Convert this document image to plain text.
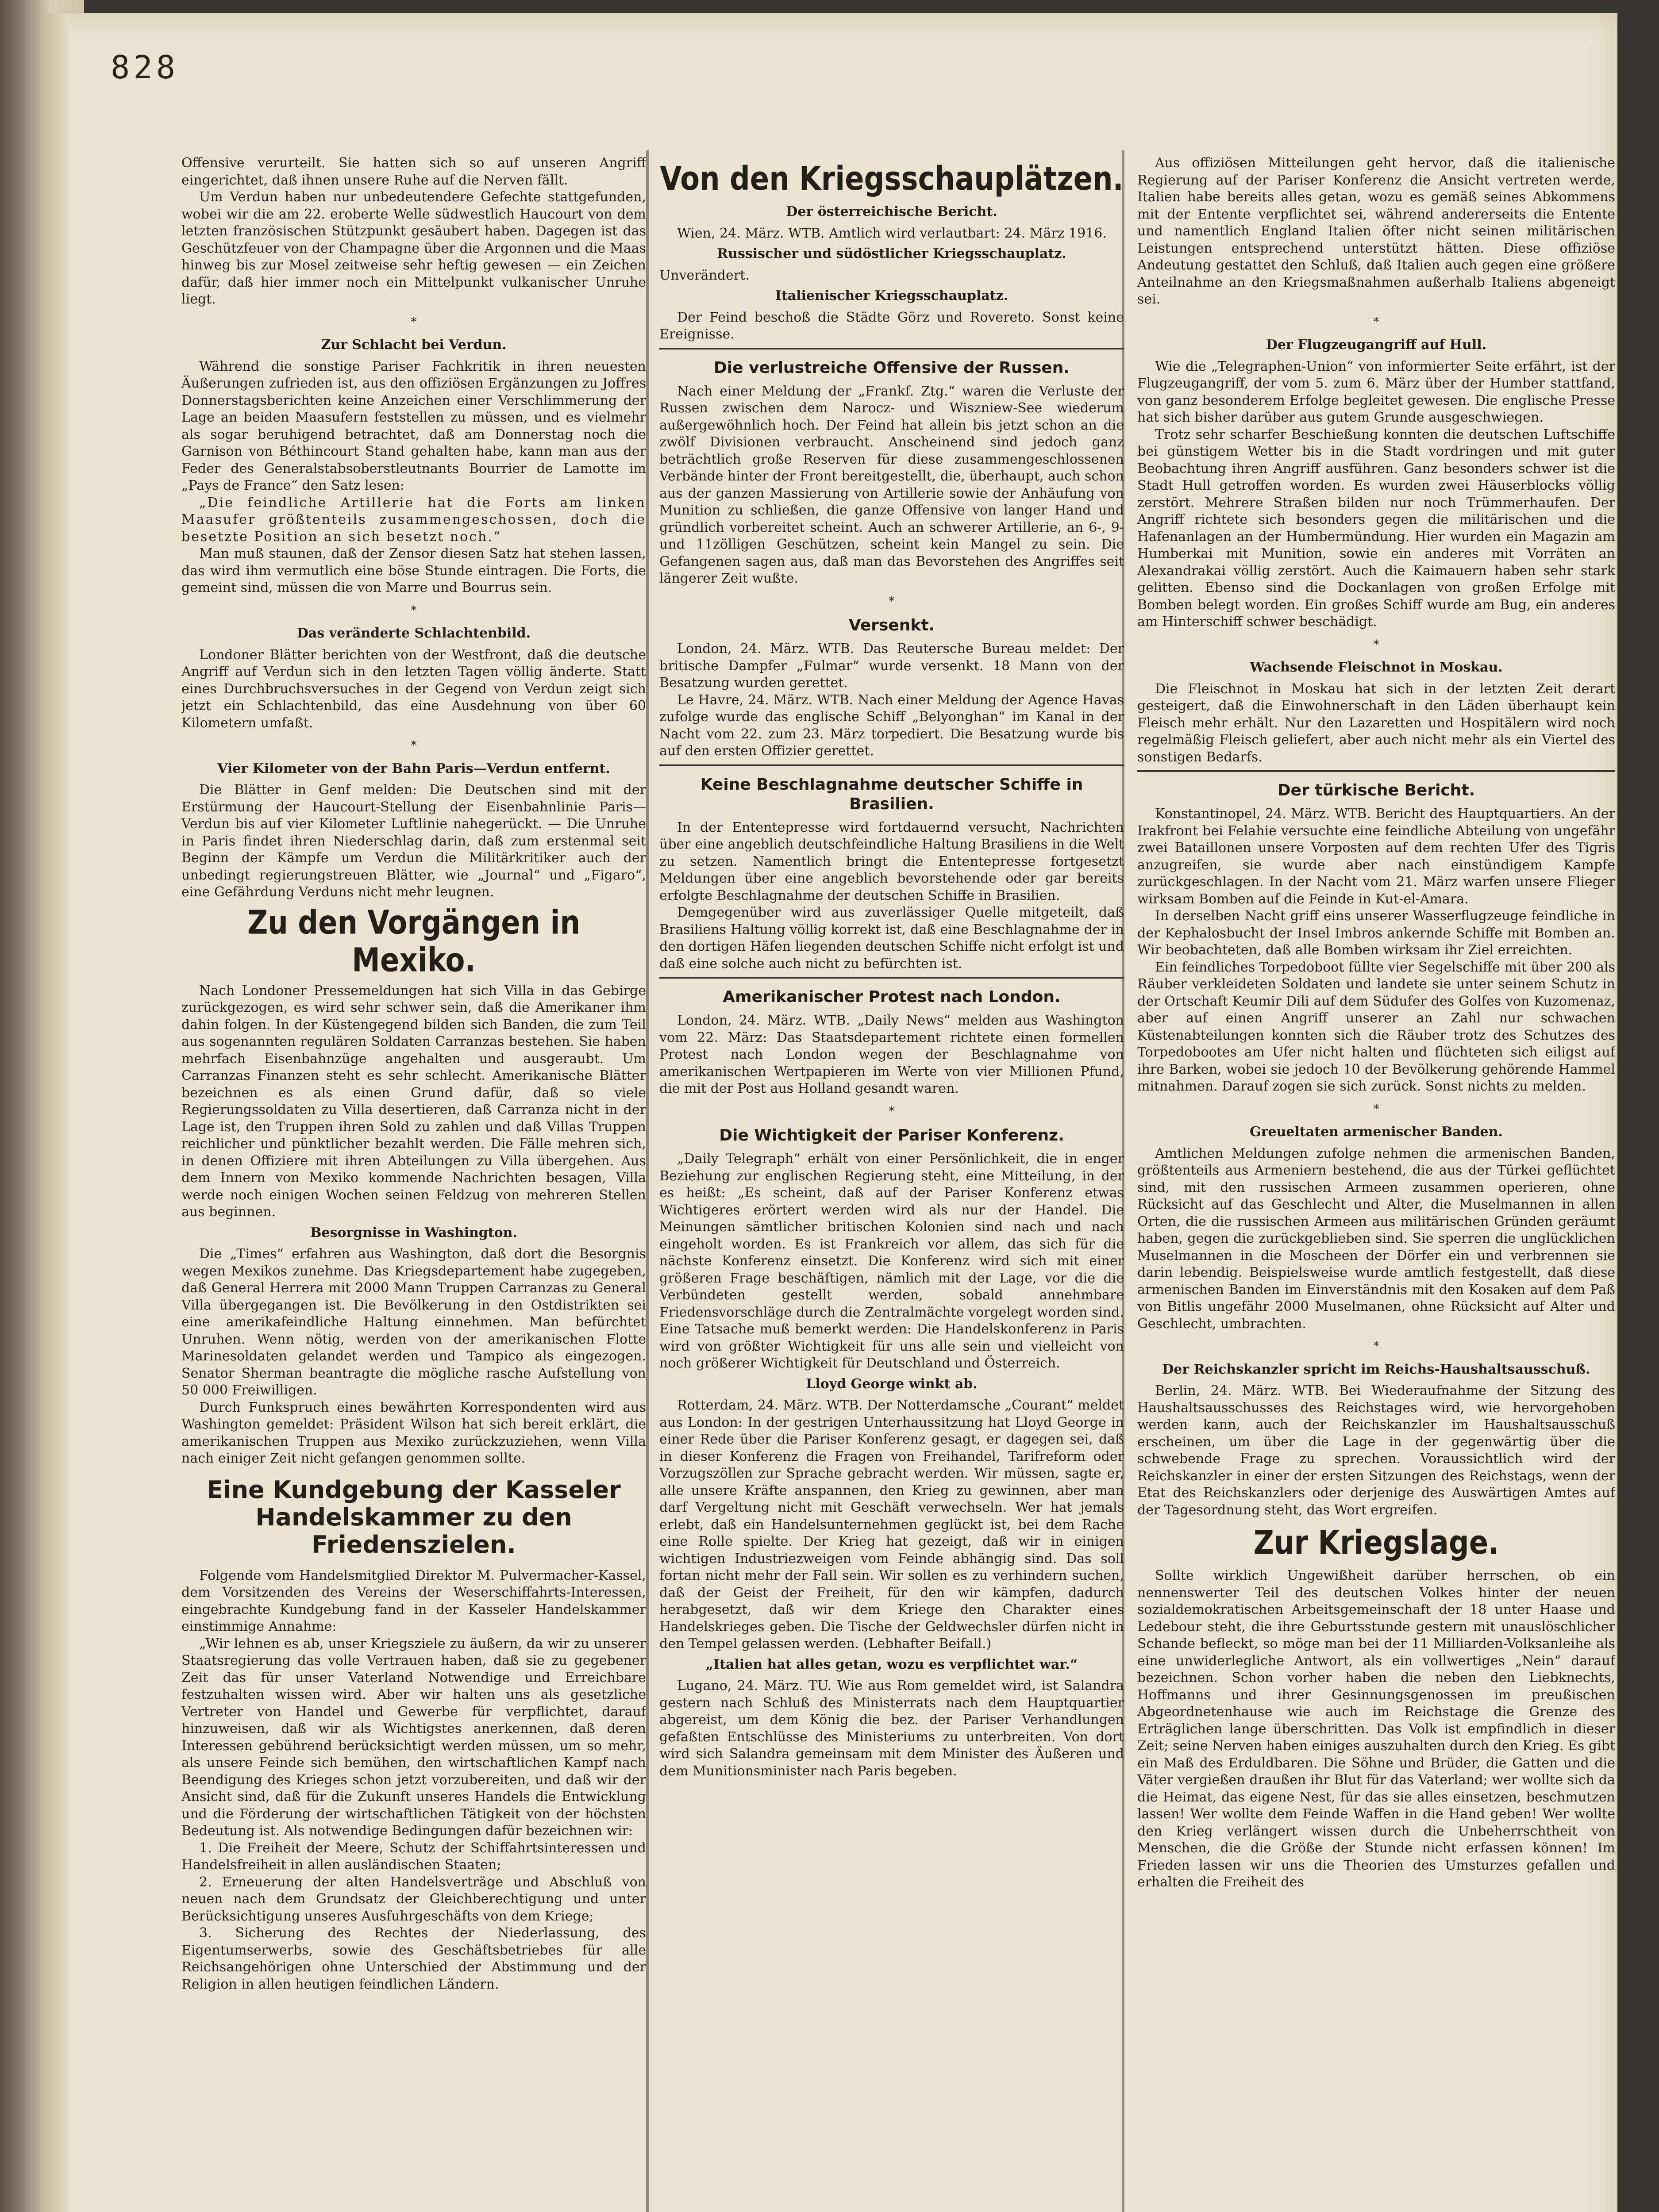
828

Offensive verurteilt. Sie hatten sich so auf unseren Angriff eingerichtet, daß ihnen unsere Ruhe auf die Nerven fällt.

Um Verdun haben nur unbedeutendere Gefechte stattgefunden, wobei wir die am 22. eroberte Welle südwestlich Haucourt von dem letzten französischen Stützpunkt gesäubert haben. Dagegen ist das Geschützfeuer von der Champagne über die Argonnen und die Maas hinweg bis zur Mosel zeitweise sehr heftig gewesen — ein Zeichen dafür, daß hier immer noch ein Mittelpunkt vulkanischer Unruhe liegt.

*
Zur Schlacht bei Verdun.

Während die sonstige Pariser Fachkritik in ihren neuesten Äußerungen zufrieden ist, aus den offiziösen Ergänzungen zu Joffres Donnerstagsberichten keine Anzeichen einer Verschlimmerung der Lage an beiden Maasufern feststellen zu müssen, und es vielmehr als sogar beruhigend betrachtet, daß am Donnerstag noch die Garnison von Béthincourt Stand gehalten habe, kann man aus der Feder des Generalstabsoberstleutnants Bourrier de Lamotte im „Pays de France“ den Satz lesen:

„Die feindliche Artillerie hat die Forts am linken Maasufer größtenteils zusammengeschossen, doch die besetzte Position an sich besetzt noch.“

Man muß staunen, daß der Zensor diesen Satz hat stehen lassen, das wird ihm vermutlich eine böse Stunde eintragen. Die Forts, die gemeint sind, müssen die von Marre und Bourrus sein.

*
Das veränderte Schlachtenbild.

Londoner Blätter berichten von der Westfront, daß die deutsche Angriff auf Verdun sich in den letzten Tagen völlig änderte. Statt eines Durchbruchsversuches in der Gegend von Verdun zeigt sich jetzt ein Schlachtenbild, das eine Ausdehnung von über 60 Kilometern umfaßt.

*
Vier Kilometer von der Bahn Paris—Verdun entfernt.

Die Blätter in Genf melden: Die Deutschen sind mit der Erstürmung der Haucourt-Stellung der Eisenbahnlinie Paris—Verdun bis auf vier Kilometer Luftlinie nahegerückt. — Die Unruhe in Paris findet ihren Niederschlag darin, daß zum erstenmal seit Beginn der Kämpfe um Verdun die Militärkritiker auch der unbedingt regierungstreuen Blätter, wie „Journal“ und „Figaro“, eine Gefährdung Verduns nicht mehr leugnen.

Zu den Vorgängen in Mexiko.

Nach Londoner Pressemeldungen hat sich Villa in das Gebirge zurückgezogen, es wird sehr schwer sein, daß die Amerikaner ihm dahin folgen. In der Küstengegend bilden sich Banden, die zum Teil aus sogenannten regulären Soldaten Carranzas bestehen. Sie haben mehrfach Eisenbahnzüge angehalten und ausgeraubt. Um Carranzas Finanzen steht es sehr schlecht. Amerikanische Blätter bezeichnen es als einen Grund dafür, daß so viele Regierungssoldaten zu Villa desertieren, daß Carranza nicht in der Lage ist, den Truppen ihren Sold zu zahlen und daß Villas Truppen reichlicher und pünktlicher bezahlt werden. Die Fälle mehren sich, in denen Offiziere mit ihren Abteilungen zu Villa übergehen. Aus dem Innern von Mexiko kommende Nachrichten besagen, Villa werde noch einigen Wochen seinen Feldzug von mehreren Stellen aus beginnen.

Besorgnisse in Washington.

Die „Times“ erfahren aus Washington, daß dort die Besorgnis wegen Mexikos zunehme. Das Kriegsdepartement habe zugegeben, daß General Herrera mit 2000 Mann Truppen Carranzas zu General Villa übergegangen ist. Die Bevölkerung in den Ostdistrikten sei eine amerikafeindliche Haltung einnehmen. Man befürchtet Unruhen. Wenn nötig, werden von der amerikanischen Flotte Marinesoldaten gelandet werden und Tampico als eingezogen. Senator Sherman beantragte die mögliche rasche Aufstellung von 50 000 Freiwilligen.

Durch Funkspruch eines bewährten Korrespondenten wird aus Washington gemeldet: Präsident Wilson hat sich bereit erklärt, die amerikanischen Truppen aus Mexiko zurückzuziehen, wenn Villa nach einiger Zeit nicht gefangen genommen sollte.

Eine Kundgebung der Kasseler Handelskammer zu den Friedenszielen.

Folgende vom Handelsmitglied Direktor M. Pulvermacher-Kassel, dem Vorsitzenden des Vereins der Weserschiffahrts-Interessen, eingebrachte Kundgebung fand in der Kasseler Handelskammer einstimmige Annahme:

„Wir lehnen es ab, unser Kriegsziele zu äußern, da wir zu unserer Staatsregierung das volle Vertrauen haben, daß sie zu gegebener Zeit das für unser Vaterland Notwendige und Erreichbare festzuhalten wissen wird. Aber wir halten uns als gesetzliche Vertreter von Handel und Gewerbe für verpflichtet, darauf hinzuweisen, daß wir als Wichtigstes anerkennen, daß deren Interessen gebührend berücksichtigt werden müssen, um so mehr, als unsere Feinde sich bemühen, den wirtschaftlichen Kampf nach Beendigung des Krieges schon jetzt vorzubereiten, und daß wir der Ansicht sind, daß für die Zukunft unseres Handels die Entwicklung und die Förderung der wirtschaftlichen Tätigkeit von der höchsten Bedeutung ist. Als notwendige Bedingungen dafür bezeichnen wir:

1. Die Freiheit der Meere, Schutz der Schiffahrtsinteressen und Handelsfreiheit in allen ausländischen Staaten;

2. Erneuerung der alten Handelsverträge und Abschluß von neuen nach dem Grundsatz der Gleichberechtigung und unter Berücksichtigung unseres Ausfuhrgeschäfts von dem Kriege;

3. Sicherung des Rechtes der Niederlassung, des Eigentumserwerbs, sowie des Geschäftsbetriebes für alle Reichsangehörigen ohne Unterschied der Abstimmung und der Religion in allen heutigen feindlichen Ländern.

Von den Kriegsschauplätzen.
Der österreichische Bericht.

Wien, 24. März. WTB. Amtlich wird verlautbart: 24. März 1916.

Russischer und südöstlicher Kriegsschauplatz.

Unverändert.

Italienischer Kriegsschauplatz.

Der Feind beschoß die Städte Görz und Rovereto. Sonst keine Ereignisse.

Die verlustreiche Offensive der Russen.

Nach einer Meldung der „Frankf. Ztg.“ waren die Verluste der Russen zwischen dem Narocz- und Wiszniew-See wiederum außergewöhnlich hoch. Der Feind hat allein bis jetzt schon an die zwölf Divisionen verbraucht. Anscheinend sind jedoch ganz beträchtlich große Reserven für diese zusammengeschlossenen Verbände hinter der Front bereitgestellt, die, überhaupt, auch schon aus der ganzen Massierung von Artillerie sowie der Anhäufung von Munition zu schließen, die ganze Offensive von langer Hand und gründlich vorbereitet scheint. Auch an schwerer Artillerie, an 6-, 9- und 11zölligen Geschützen, scheint kein Mangel zu sein. Die Gefangenen sagen aus, daß man das Bevorstehen des Angriffes seit längerer Zeit wußte.

*
Versenkt.

London, 24. März. WTB. Das Reutersche Bureau meldet: Der britische Dampfer „Fulmar“ wurde versenkt. 18 Mann von der Besatzung wurden gerettet.

Le Havre, 24. März. WTB. Nach einer Meldung der Agence Havas zufolge wurde das englische Schiff „Belyonghan“ im Kanal in der Nacht vom 22. zum 23. März torpediert. Die Besatzung wurde bis auf den ersten Offizier gerettet.

Keine Beschlagnahme deutscher Schiffe in Brasilien.

In der Ententepresse wird fortdauernd versucht, Nachrichten über eine angeblich deutschfeindliche Haltung Brasiliens in die Welt zu setzen. Namentlich bringt die Ententepresse fortgesetzt Meldungen über eine angeblich bevorstehende oder gar bereits erfolgte Beschlagnahme der deutschen Schiffe in Brasilien.

Demgegenüber wird aus zuverlässiger Quelle mitgeteilt, daß Brasiliens Haltung völlig korrekt ist, daß eine Beschlagnahme der in den dortigen Häfen liegenden deutschen Schiffe nicht erfolgt ist und daß eine solche auch nicht zu befürchten ist.

Amerikanischer Protest nach London.

London, 24. März. WTB. „Daily News“ melden aus Washington vom 22. März: Das Staatsdepartement richtete einen formellen Protest nach London wegen der Beschlagnahme von amerikanischen Wertpapieren im Werte von vier Millionen Pfund, die mit der Post aus Holland gesandt waren.

*
Die Wichtigkeit der Pariser Konferenz.

„Daily Telegraph“ erhält von einer Persönlichkeit, die in enger Beziehung zur englischen Regierung steht, eine Mitteilung, in der es heißt: „Es scheint, daß auf der Pariser Konferenz etwas Wichtigeres erörtert werden wird als nur der Handel. Die Meinungen sämtlicher britischen Kolonien sind nach und nach eingeholt worden. Es ist Frankreich vor allem, das sich für die nächste Konferenz einsetzt. Die Konferenz wird sich mit einer größeren Frage beschäftigen, nämlich mit der Lage, vor die die Verbündeten gestellt werden, sobald annehmbare Friedensvorschläge durch die Zentralmächte vorgelegt worden sind. Eine Tatsache muß bemerkt werden: Die Handelskonferenz in Paris wird von größter Wichtigkeit für uns alle sein und vielleicht von noch größerer Wichtigkeit für Deutschland und Österreich.

Lloyd George winkt ab.

Rotterdam, 24. März. WTB. Der Notterdamsche „Courant“ meldet aus London: In der gestrigen Unterhaussitzung hat Lloyd George in einer Rede über die Pariser Konferenz gesagt, er dagegen sei, daß in dieser Konferenz die Fragen von Freihandel, Tarifreform oder Vorzugszöllen zur Sprache gebracht werden. Wir müssen, sagte er, alle unsere Kräfte anspannen, den Krieg zu gewinnen, aber man darf Vergeltung nicht mit Geschäft verwechseln. Wer hat jemals erlebt, daß ein Handelsunternehmen geglückt ist, bei dem Rache eine Rolle spielte. Der Krieg hat gezeigt, daß wir in einigen wichtigen Industriezweigen vom Feinde abhängig sind. Das soll fortan nicht mehr der Fall sein. Wir sollen es zu verhindern suchen, daß der Geist der Freiheit, für den wir kämpfen, dadurch herabgesetzt, daß wir dem Kriege den Charakter eines Handelskrieges geben. Die Tische der Geldwechsler dürfen nicht in den Tempel gelassen werden. (Lebhafter Beifall.)

„Italien hat alles getan, wozu es verpflichtet war.“

Lugano, 24. März. TU. Wie aus Rom gemeldet wird, ist Salandra gestern nach Schluß des Ministerrats nach dem Hauptquartier abgereist, um dem König die bez. der Pariser Verhandlungen gefaßten Entschlüsse des Ministeriums zu unterbreiten. Von dort wird sich Salandra gemeinsam mit dem Minister des Äußeren und dem Munitionsminister nach Paris begeben.

Aus offiziösen Mitteilungen geht hervor, daß die italienische Regierung auf der Pariser Konferenz die Ansicht vertreten werde, Italien habe bereits alles getan, wozu es gemäß seines Abkommens mit der Entente verpflichtet sei, während andererseits die Entente und namentlich England Italien öfter nicht seinen militärischen Leistungen entsprechend unterstützt hätten. Diese offiziöse Andeutung gestattet den Schluß, daß Italien auch gegen eine größere Anteilnahme an den Kriegsmaßnahmen außerhalb Italiens abgeneigt sei.

*
Der Flugzeugangriff auf Hull.

Wie die „Telegraphen-Union“ von informierter Seite erfährt, ist der Flugzeugangriff, der vom 5. zum 6. März über der Humber stattfand, von ganz besonderem Erfolge begleitet gewesen. Die englische Presse hat sich bisher darüber aus gutem Grunde ausgeschwiegen.

Trotz sehr scharfer Beschießung konnten die deutschen Luftschiffe bei günstigem Wetter bis in die Stadt vordringen und mit guter Beobachtung ihren Angriff ausführen. Ganz besonders schwer ist die Stadt Hull getroffen worden. Es wurden zwei Häuserblocks völlig zerstört. Mehrere Straßen bilden nur noch Trümmerhaufen. Der Angriff richtete sich besonders gegen die militärischen und die Hafenanlagen an der Humbermündung. Hier wurden ein Magazin am Humberkai mit Munition, sowie ein anderes mit Vorräten an Alexandrakai völlig zerstört. Auch die Kaimauern haben sehr stark gelitten. Ebenso sind die Dockanlagen von großen Erfolge mit Bomben belegt worden. Ein großes Schiff wurde am Bug, ein anderes am Hinterschiff schwer beschädigt.

*
Wachsende Fleischnot in Moskau.

Die Fleischnot in Moskau hat sich in der letzten Zeit derart gesteigert, daß die Einwohnerschaft in den Läden überhaupt kein Fleisch mehr erhält. Nur den Lazaretten und Hospitälern wird noch regelmäßig Fleisch geliefert, aber auch nicht mehr als ein Viertel des sonstigen Bedarfs.

Der türkische Bericht.

Konstantinopel, 24. März. WTB. Bericht des Hauptquartiers. An der Irakfront bei Felahie versuchte eine feindliche Abteilung von ungefähr zwei Bataillonen unsere Vorposten auf dem rechten Ufer des Tigris anzugreifen, sie wurde aber nach einstündigem Kampfe zurückgeschlagen. In der Nacht vom 21. März warfen unsere Flieger wirksam Bomben auf die Feinde in Kut-el-Amara.

In derselben Nacht griff eins unserer Wasserflugzeuge feindliche in der Kephalosbucht der Insel Imbros ankernde Schiffe mit Bomben an. Wir beobachteten, daß alle Bomben wirksam ihr Ziel erreichten.

Ein feindliches Torpedoboot füllte vier Segelschiffe mit über 200 als Räuber verkleideten Soldaten und landete sie unter seinem Schutz in der Ortschaft Keumir Dili auf dem Südufer des Golfes von Kuzomenaz, aber auf einen Angriff unserer an Zahl nur schwachen Küstenabteilungen konnten sich die Räuber trotz des Schutzes des Torpedobootes am Ufer nicht halten und flüchteten sich eiligst auf ihre Barken, wobei sie jedoch 10 der Bevölkerung gehörende Hammel mitnahmen. Darauf zogen sie sich zurück. Sonst nichts zu melden.

*
Greueltaten armenischer Banden.

Amtlichen Meldungen zufolge nehmen die armenischen Banden, größtenteils aus Armeniern bestehend, die aus der Türkei geflüchtet sind, mit den russischen Armeen zusammen operieren, ohne Rücksicht auf das Geschlecht und Alter, die Muselmannen in allen Orten, die die russischen Armeen aus militärischen Gründen geräumt haben, gegen die zurückgeblieben sind. Sie sperren die unglücklichen Muselmannen in die Moscheen der Dörfer ein und verbrennen sie darin lebendig. Beispielsweise wurde amtlich festgestellt, daß diese armenischen Banden im Einverständnis mit den Kosaken auf dem Paß von Bitlis ungefähr 2000 Muselmanen, ohne Rücksicht auf Alter und Geschlecht, umbrachten.

*
Der Reichskanzler spricht im Reichs-Haushaltsausschuß.

Berlin, 24. März. WTB. Bei Wiederaufnahme der Sitzung des Haushaltsausschusses des Reichstages wird, wie hervorgehoben werden kann, auch der Reichskanzler im Haushaltsausschuß erscheinen, um über die Lage in der gegenwärtig über die schwebende Frage zu sprechen. Voraussichtlich wird der Reichskanzler in einer der ersten Sitzungen des Reichstags, wenn der Etat des Reichskanzlers oder derjenige des Auswärtigen Amtes auf der Tagesordnung steht, das Wort ergreifen.

Zur Kriegslage.

Sollte wirklich Ungewißheit darüber herrschen, ob ein nennenswerter Teil des deutschen Volkes hinter der neuen sozialdemokratischen Arbeitsgemeinschaft der 18 unter Haase und Ledebour steht, die ihre Geburtsstunde gestern mit unauslöschlicher Schande befleckt, so möge man bei der 11 Milliarden-Volksanleihe als eine unwiderlegliche Antwort, als ein vollwertiges „Nein“ darauf bezeichnen. Schon vorher haben die neben den Liebknechts, Hoffmanns und ihrer Gesinnungsgenossen im preußischen Abgeordnetenhause wie auch im Reichstage die Grenze des Erträglichen lange überschritten. Das Volk ist empfindlich in dieser Zeit; seine Nerven haben einiges auszuhalten durch den Krieg. Es gibt ein Maß des Erduldbaren. Die Söhne und Brüder, die Gatten und die Väter vergießen draußen ihr Blut für das Vaterland; wer wollte sich da die Heimat, das eigene Nest, für das sie alles einsetzen, beschmutzen lassen! Wer wollte dem Feinde Waffen in die Hand geben! Wer wollte den Krieg verlängert wissen durch die Unbeherrschtheit von Menschen, die die Größe der Stunde nicht erfassen können! Im Frieden lassen wir uns die Theorien des Umsturzes gefallen und erhalten die Freiheit des
